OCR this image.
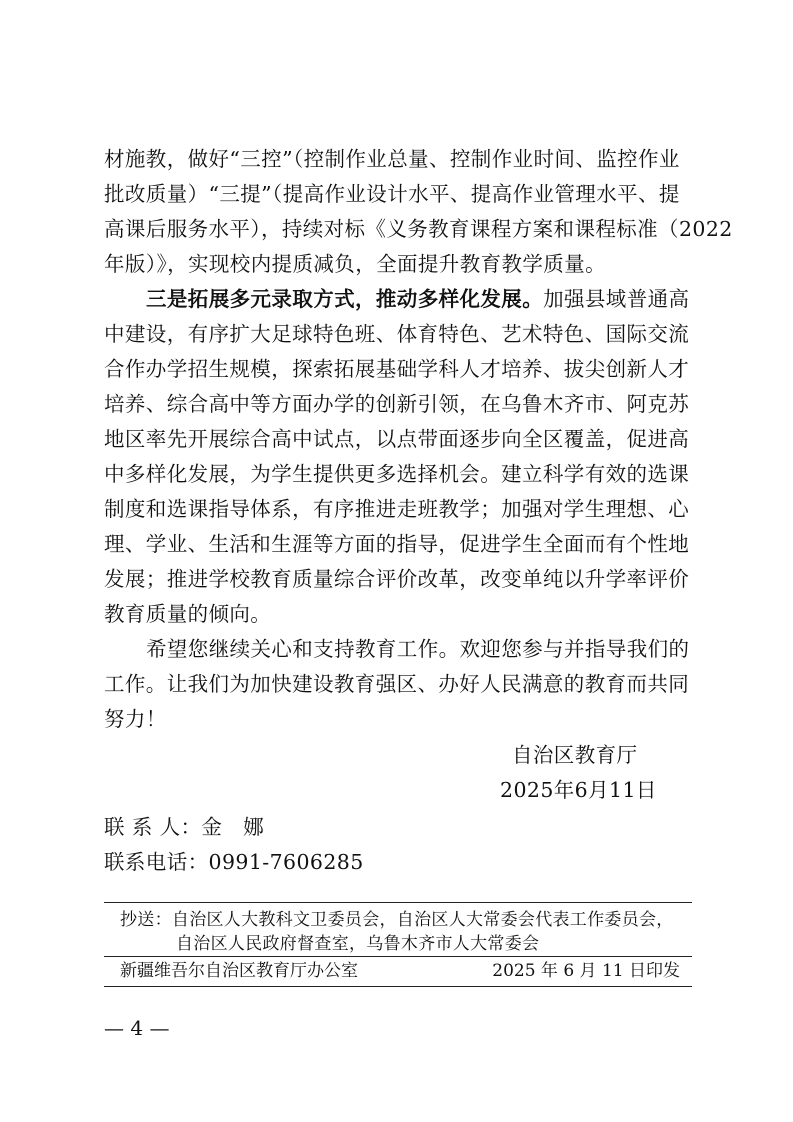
材施教，做好“三控”（控制作业总量、控制作业时间、监控作业
批改质量）“三提”（提高作业设计水平、提高作业管理水平、提
高课后服务水平），持续对标《义务教育课程方案和课程标准（2022
年版）》，实现校内提质减负，全面提升教育教学质量。
三是拓展多元录取方式，推动多样化发展。加强县域普通高
中建设，有序扩大足球特色班、体育特色、艺术特色、国际交流
合作办学招生规模，探索拓展基础学科人才培养、拔尖创新人才
培养、综合高中等方面办学的创新引领，在乌鲁木齐市、阿克苏
地区率先开展综合高中试点，以点带面逐步向全区覆盖，促进高
中多样化发展，为学生提供更多选择机会。建立科学有效的选课
制度和选课指导体系，有序推进走班教学；加强对学生理想、心
理、学业、生活和生涯等方面的指导，促进学生全面而有个性地
发展；推进学校教育质量综合评价改革，改变单纯以升学率评价
教育质量的倾向。
希望您继续关心和支持教育工作。欢迎您参与并指导我们的
工作。让我们为加快建设教育强区、办好人民满意的教育而共同
努力！
自治区教育厅
2025年6月11日
联 系 人：金　娜
联系电话：0991-7606285
抄送：自治区人大教科文卫委员会，自治区人大常委会代表工作委员会，
自治区人民政府督查室，乌鲁木齐市人大常委会
新疆维吾尔自治区教育厅办公室	2025 年 6 月 11 日印发
— 4 —
